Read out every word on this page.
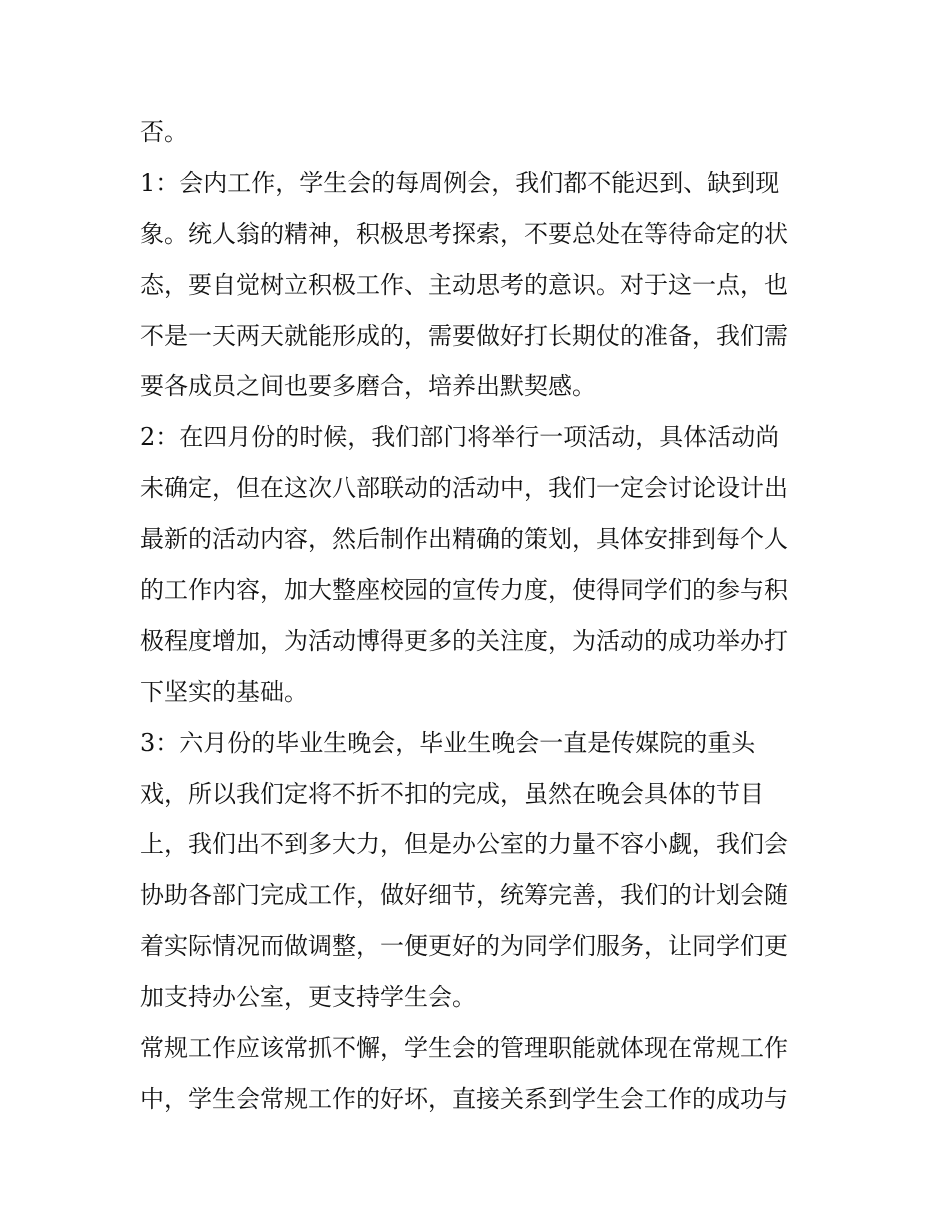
否。
1：会内工作，学生会的每周例会，我们都不能迟到、缺到现
象。统人翁的精神，积极思考探索，不要总处在等待命定的状
态，要自觉树立积极工作、主动思考的意识。对于这一点，也
不是一天两天就能形成的，需要做好打长期仗的准备，我们需
要各成员之间也要多磨合，培养出默契感。
2：在四月份的时候，我们部门将举行一项活动，具体活动尚
未确定，但在这次八部联动的活动中，我们一定会讨论设计出
最新的活动内容，然后制作出精确的策划，具体安排到每个人
的工作内容，加大整座校园的宣传力度，使得同学们的参与积
极程度增加，为活动博得更多的关注度，为活动的成功举办打
下坚实的基础。
3：六月份的毕业生晚会，毕业生晚会一直是传媒院的重头
戏，所以我们定将不折不扣的完成，虽然在晚会具体的节目
上，我们出不到多大力，但是办公室的力量不容小觑，我们会
协助各部门完成工作，做好细节，统筹完善，我们的计划会随
着实际情况而做调整，一便更好的为同学们服务，让同学们更
加支持办公室，更支持学生会。
常规工作应该常抓不懈，学生会的管理职能就体现在常规工作
中，学生会常规工作的好坏，直接关系到学生会工作的成功与
